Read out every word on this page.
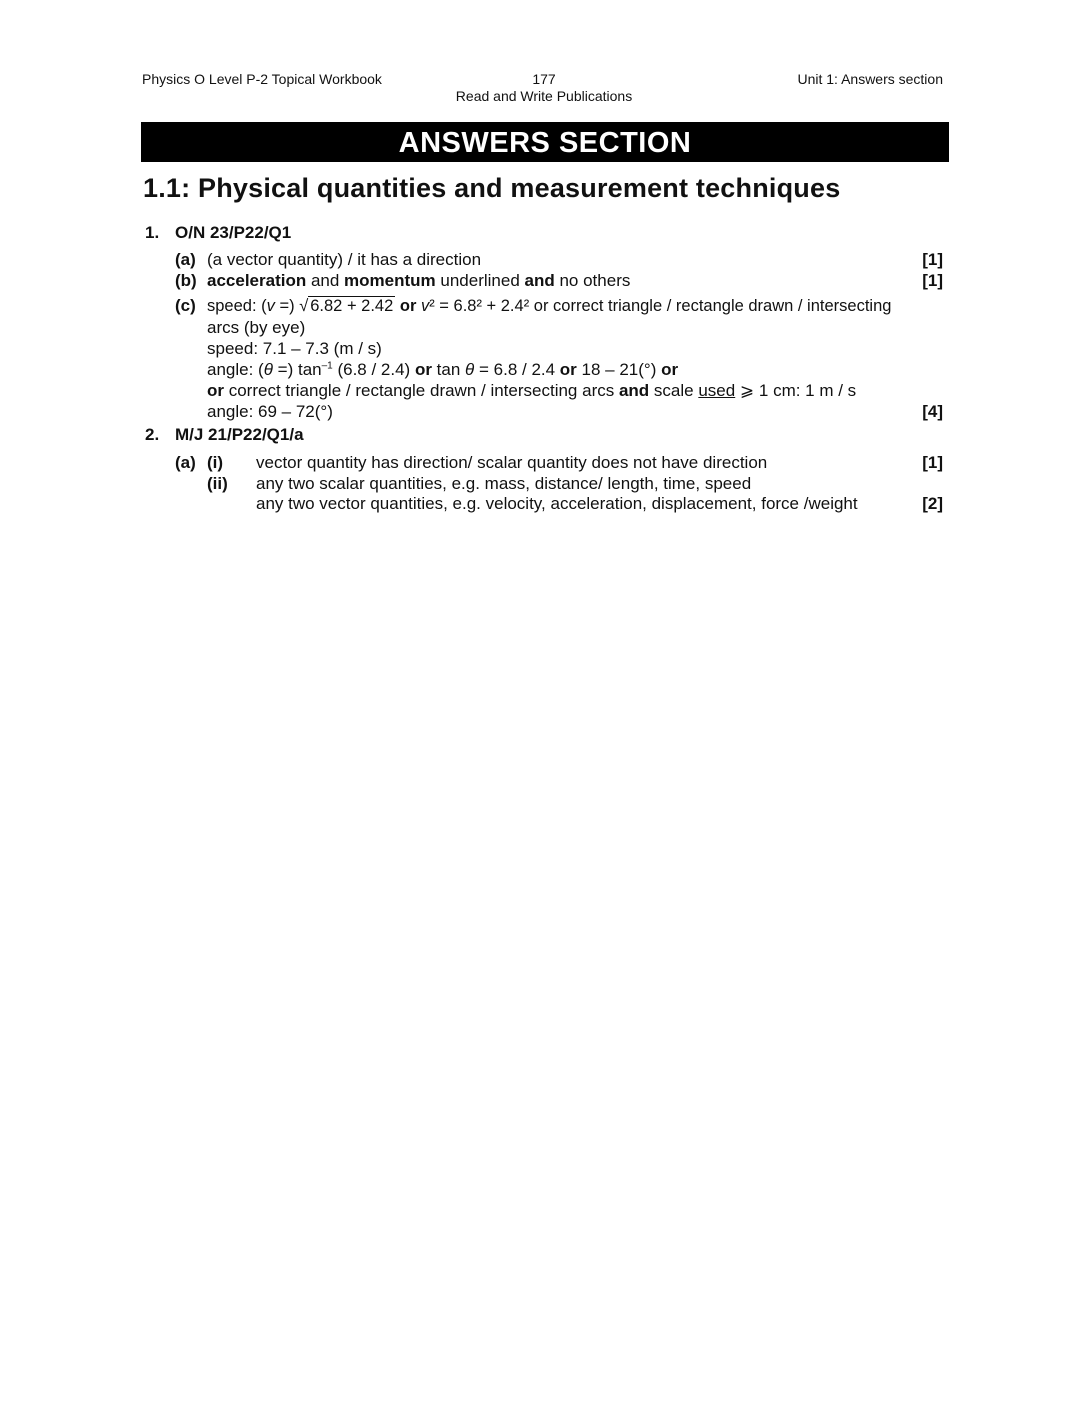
Physics O Level P-2 Topical Workbook	177
Read and Write Publications
Unit 1: Answers section
ANSWERS SECTION
1.1: Physical quantities and measurement techniques
1. O/N 23/P22/Q1
(a) (a vector quantity) / it has a direction	[1]
(b) acceleration and momentum underlined and no others	[1]
(c) speed: (v =) √ 6.82 + 2.42 or v² = 6.8² + 2.4² or correct triangle / rectangle drawn / intersecting
arcs (by eye)
speed: 7.1 – 7.3 (m / s)
angle: (θ =) $\tan^{-1} (6.8 / 2.4)$ or tan θ = 6.8 / 2.4 or 18 – 21(°) or
or correct triangle / rectangle drawn / intersecting arcs and scale used ⩾ 1 cm: 1 m / s
angle: 69 – 72(°)	[4]
2. M/J 21/P22/Q1/a
(a) (i) vector quantity has direction/ scalar quantity does not have direction	[1]
(ii) any two scalar quantities, e.g. mass, distance/ length, time, speed
any two vector quantities, e.g. velocity, acceleration, displacement, force /weight	[2]
